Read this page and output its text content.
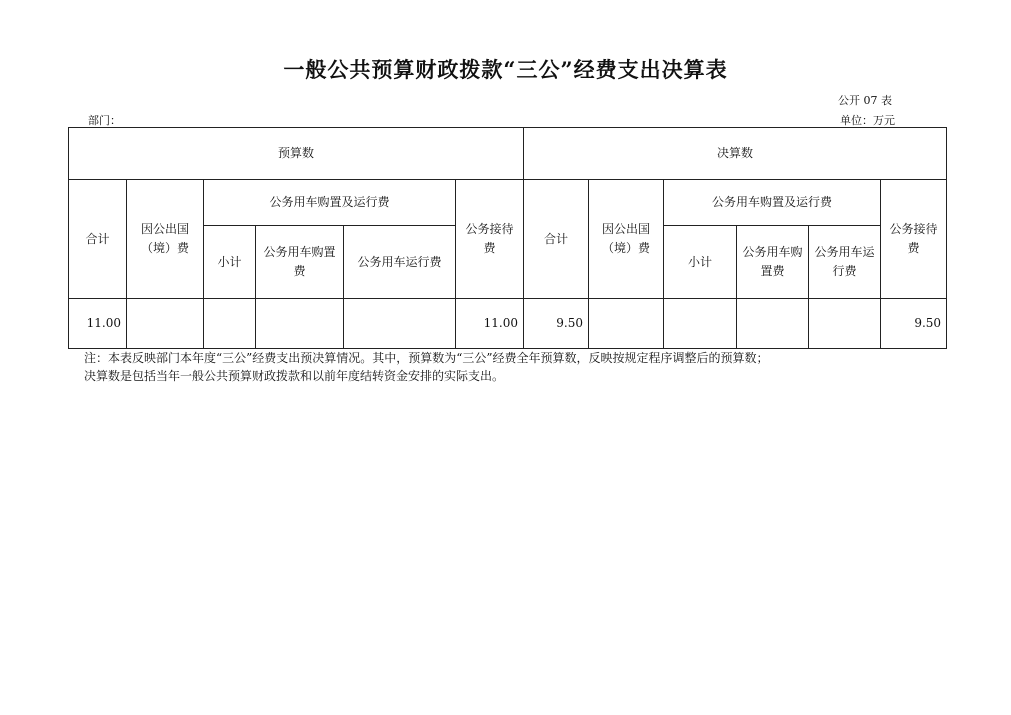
一般公共预算财政拨款“三公”经费支出决算表
公开 07 表
部门：	单位：万元
预算数						决算数					
合计	因公出国（境）费	公务用车购置及运行费			公务接待费	合计	因公出国（境）费	公务用车购置及运行费			公务接待费
		小计	公务用车购置费	公务用车运行费				小计	公务用车购置费	公务用车运行费	
11.00					11.00	9.50					9.50

注：本表反映部门本年度“三公”经费支出预决算情况。其中，预算数为“三公”经费全年预算数，反映按规定程序调整后的预算数；

决算数是包括当年一般公共预算财政拨款和以前年度结转资金安排的实际支出。
